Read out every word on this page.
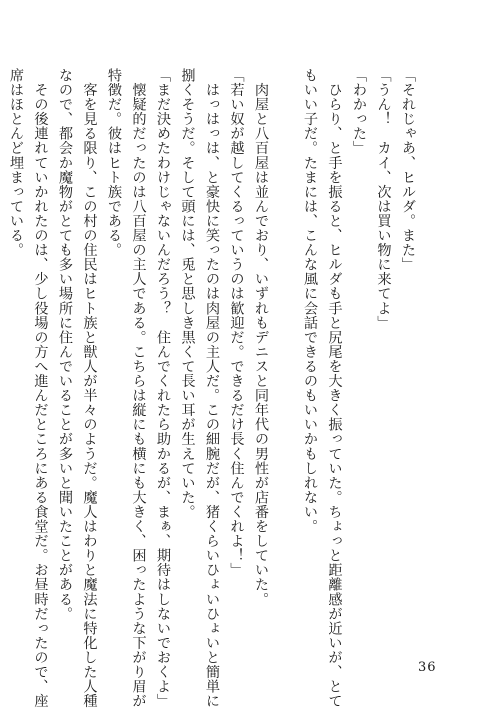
「それじゃあ、ヒルダ。また」
「うん！　カイ、次は買い物に来てよ」
「わかった」
　ひらり、と手を振ると、ヒルダも手と尻尾を大きく振っていた。ちょっと距離感が近いが、とて
もいい子だ。たまには、こんな風に会話できるのもいいかもしれない。

　肉屋と八百屋は並んでおり、いずれもデニスと同年代の男性が店番をしていた。
「若い奴が越してくるっていうのは歓迎だ。できるだけ長く住んでくれよ！」
　はっはっは、と豪快に笑ったのは肉屋の主人だ。この細腕だが、猪くらいひょいひょいと簡単に
捌くそうだ。そして頭には、兎と思しき黒くて長い耳が生えていた。
「まだ決めたわけじゃないんだろう？　住んでくれたら助かるが、まぁ、期待はしないでおくよ」
　懐疑的だったのは八百屋の主人である。こちらは縦にも横にも大きく、困ったような下がり眉が
特徴だ。彼はヒト族である。
　客を見る限り、この村の住民はヒト族と獣人が半々のようだ。魔人はわりと魔法に特化した人種
なので、都会か魔物がとても多い場所に住んでいることが多いと聞いたことがある。
　その後連れていかれたのは、少し役場の方へ進んだところにある食堂だ。お昼時だったので、座
席はほとんど埋まっている。
36
